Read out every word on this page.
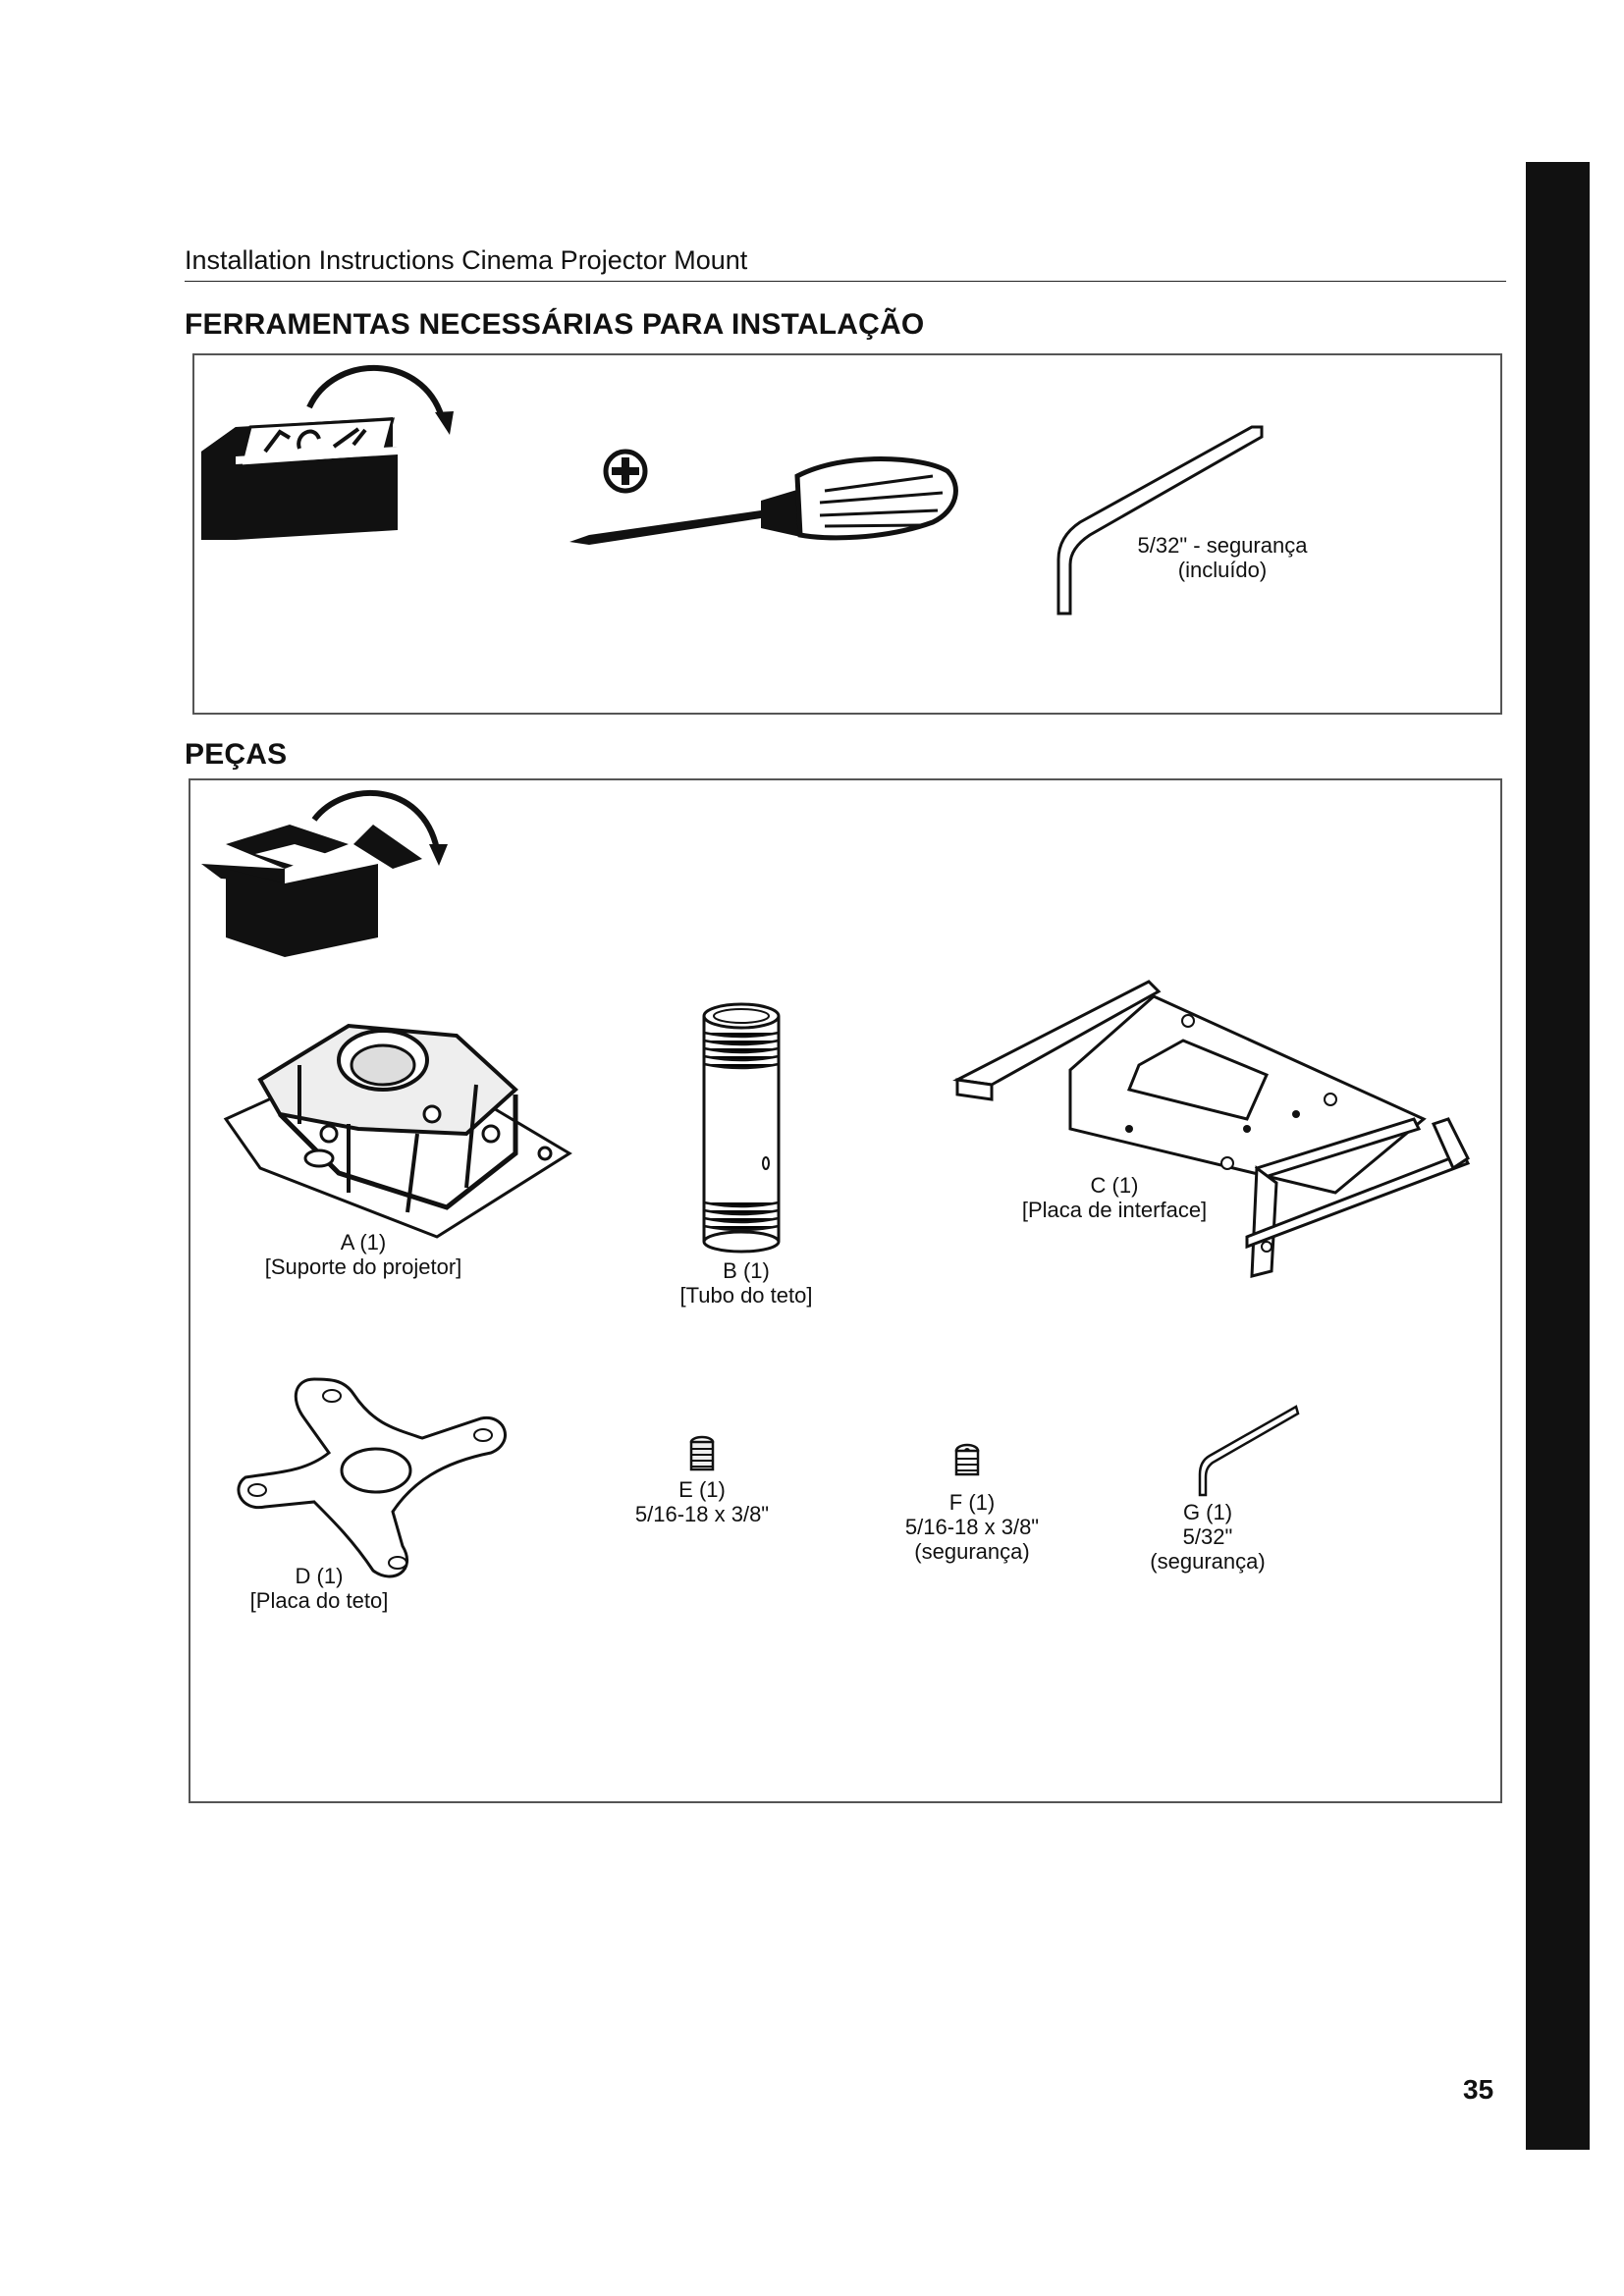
Installation Instructions Cinema Projector Mount
FERRAMENTAS NECESSÁRIAS PARA INSTALAÇÃO
5/32" - segurança
(incluído)
PEÇAS
A (1)
[Suporte do projetor]	B (1)
[Tubo do teto]
C (1)
[Placa de interface]
D (1)
[Placa do teto]
E (1)
5/16-18 x 3/8"	F (1)
5/16-18 x 3/8"
(segurança)
G (1)
5/32"
(segurança)
35
